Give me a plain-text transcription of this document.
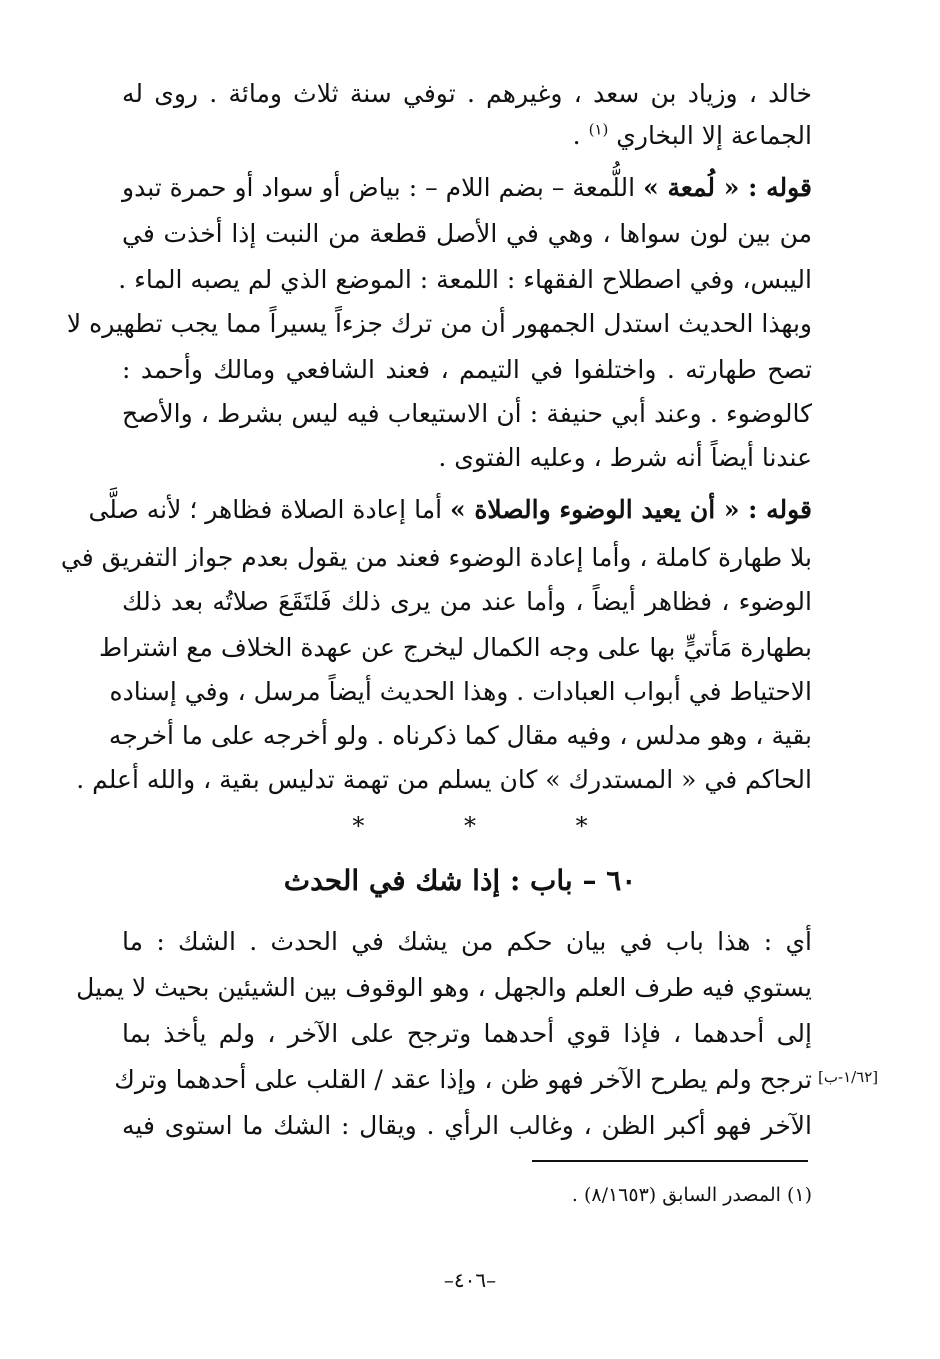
خالد ، وزياد بن سعد ، وغيرهم . توفي سنة ثلاث ومائة . روى له
الجماعة إلا البخاري $^{(١)}$ .
قوله : « لُمعة » اللُّمعة – بضم اللام – : بياض أو سواد أو حمرة تبدو
من بين لون سواها ، وهي في الأصل قطعة من النبت إذا أخذت في
اليبس، وفي اصطلاح الفقهاء : اللمعة : الموضع الذي لم يصبه الماء .
وبهذا الحديث استدل الجمهور أن من ترك جزءاً يسيراً مما يجب تطهيره لا
تصح طهارته . واختلفوا في التيمم ، فعند الشافعي ومالك وأحمد :
كالوضوء . وعند أبي حنيفة : أن الاستيعاب فيه ليس بشرط ، والأصح
عندنا أيضاً أنه شرط ، وعليه الفتوى .
قوله : « أن يعيد الوضوء والصلاة » أما إعادة الصلاة فظاهر ؛ لأنه صلَّى
بلا طهارة كاملة ، وأما إعادة الوضوء فعند من يقول بعدم جواز التفريق في
الوضوء ، فظاهر أيضاً ، وأما عند من يرى ذلك فَلتَقَعَ صلاتُه بعد ذلك
بطهارة مَأتيٍّ بها على وجه الكمال ليخرج عن عهدة الخلاف مع اشتراط
الاحتياط في أبواب العبادات . وهذا الحديث أيضاً مرسل ، وفي إسناده
بقية ، وهو مدلس ، وفيه مقال كما ذكرناه . ولو أخرجه على ما أخرجه
الحاكم في « المستدرك » كان يسلم من تهمة تدليس بقية ، والله أعلم .
* * *
٦٠ – باب : إذا شك في الحدث
أي : هذا باب في بيان حكم من يشك في الحدث . الشك : ما
يستوي فيه طرف العلم والجهل ، وهو الوقوف بين الشيئين بحيث لا يميل
إلى أحدهما ، فإذا قوي أحدهما وترجح على الآخر ، ولم يأخذ بما
ترجح ولم يطرح الآخر فهو ظن ، وإذا عقد / القلب على أحدهما وترك
الآخر فهو أكبر الظن ، وغالب الرأي . ويقال : الشك ما استوى فيه
[١/٦٢-ب]
(١) المصدر السابق (٨/١٦٥٣) .
–٤٠٦–
